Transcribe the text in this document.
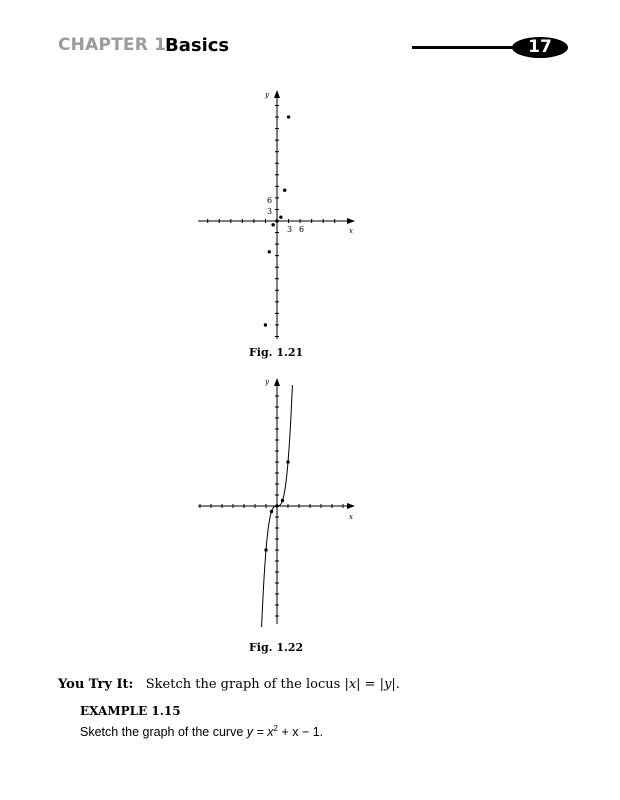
CHAPTER 1
Basics	17
y
x
6
3
3 6
y
x
Fig. 1.21
Fig. 1.22
You Try It: Sketch the graph of the locus |x| = |y|.
EXAMPLE 1.15
Sketch the graph of the curve $y = x^2 + x - 1$.
